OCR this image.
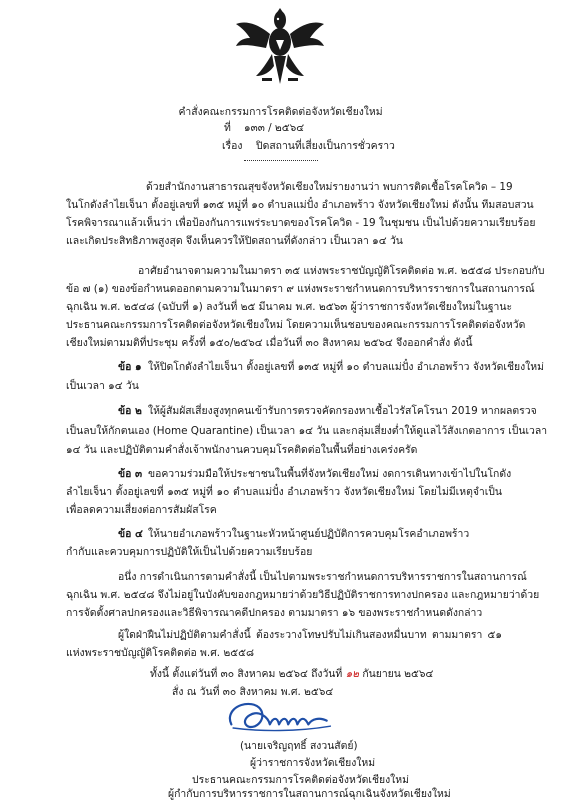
คำสั่งคณะกรรมการโรคติดต่อจังหวัดเชียงใหม่
ที่ ๑๓๓ / ๒๕๖๔
เรื่อง ปิดสถานที่เสี่ยงเป็นการชั่วคราว
ด้วยสำนักงานสาธารณสุขจังหวัดเชียงใหม่รายงานว่า พบการติดเชื้อโรคโควิด – 19
ในโกดังลำไยเจ็นา ตั้งอยู่เลขที่ ๑๓๕ หมู่ที่ ๑๐ ตำบลแม่ปั๋ง อำเภอพร้าว จังหวัดเชียงใหม่ ดังนั้น ทีมสอบสวน
โรคพิจารณาแล้วเห็นว่า เพื่อป้องกันการแพร่ระบาดของโรคโควิด - 19 ในชุมชน เป็นไปด้วยความเรียบร้อย
และเกิดประสิทธิภาพสูงสุด จึงเห็นควรให้ปิดสถานที่ดังกล่าว เป็นเวลา ๑๔ วัน
อาศัยอำนาจตามความในมาตรา ๓๕ แห่งพระราชบัญญัติโรคติดต่อ พ.ศ. ๒๕๕๘ ประกอบกับ
ข้อ ๗ (๑) ของข้อกำหนดออกตามความในมาตรา ๙ แห่งพระราชกำหนดการบริหารราชการในสถานการณ์
ฉุกเฉิน พ.ศ. ๒๕๔๘ (ฉบับที่ ๑) ลงวันที่ ๒๕ มีนาคม พ.ศ. ๒๕๖๓ ผู้ว่าราชการจังหวัดเชียงใหม่ในฐานะ
ประธานคณะกรรมการโรคติดต่อจังหวัดเชียงใหม่ โดยความเห็นชอบของคณะกรรมการโรคติดต่อจังหวัด
เชียงใหม่ตามมติที่ประชุม ครั้งที่ ๑๕๐/๒๕๖๔ เมื่อวันที่ ๓๐ สิงหาคม ๒๕๖๔ จึงออกคำสั่ง ดังนี้
ข้อ ๑ ให้ปิดโกดังลำไยเจ็นา ตั้งอยู่เลขที่ ๑๓๕ หมู่ที่ ๑๐ ตำบลแม่ปั๋ง อำเภอพร้าว จังหวัดเชียงใหม่
เป็นเวลา ๑๔ วัน
ข้อ ๒ ให้ผู้สัมผัสเสี่ยงสูงทุกคนเข้ารับการตรวจคัดกรองหาเชื้อไวรัสโคโรนา 2019 หากผลตรวจ
เป็นลบให้กักตนเอง (Home Quarantine) เป็นเวลา ๑๔ วัน และกลุ่มเสี่ยงต่ำให้ดูแลไว้สังเกตอาการ เป็นเวลา
๑๔ วัน และปฏิบัติตามคำสั่งเจ้าพนักงานควบคุมโรคติดต่อในพื้นที่อย่างเคร่งครัด
ข้อ ๓ ขอความร่วมมือให้ประชาชนในพื้นที่จังหวัดเชียงใหม่ งดการเดินทางเข้าไปในโกดัง
ลำไยเจ็นา ตั้งอยู่เลขที่ ๑๓๕ หมู่ที่ ๑๐ ตำบลแม่ปั๋ง อำเภอพร้าว จังหวัดเชียงใหม่ โดยไม่มีเหตุจำเป็น
เพื่อลดความเสี่ยงต่อการสัมผัสโรค
ข้อ ๔ ให้นายอำเภอพร้าวในฐานะหัวหน้าศูนย์ปฏิบัติการควบคุมโรคอำเภอพร้าว
กำกับและควบคุมการปฏิบัติให้เป็นไปด้วยความเรียบร้อย
อนึ่ง การดำเนินการตามคำสั่งนี้ เป็นไปตามพระราชกำหนดการบริหารราชการในสถานการณ์
ฉุกเฉิน พ.ศ. ๒๕๔๘ จึงไม่อยู่ในบังคับของกฎหมายว่าด้วยวิธีปฏิบัติราชการทางปกครอง และกฎหมายว่าด้วย
การจัดตั้งศาลปกครองและวิธีพิจารณาคดีปกครอง ตามมาตรา ๑๖ ของพระราชกำหนดดังกล่าว
ผู้ใดฝ่าฝืนไม่ปฏิบัติตามคำสั่งนี้ ต้องระวางโทษปรับไม่เกินสองหมื่นบาท ตามมาตรา ๕๑
แห่งพระราชบัญญัติโรคติดต่อ พ.ศ. ๒๕๕๘
ทั้งนี้ ตั้งแต่วันที่ ๓๐ สิงหาคม ๒๕๖๔ ถึงวันที่ ๑๒ กันยายน ๒๕๖๔
สั่ง ณ วันที่ ๓๐ สิงหาคม พ.ศ. ๒๕๖๔
(นายเจริญฤทธิ์ สงวนสัตย์)
ผู้ว่าราชการจังหวัดเชียงใหม่
ประธานคณะกรรมการโรคติดต่อจังหวัดเชียงใหม่
ผู้กำกับการบริหารราชการในสถานการณ์ฉุกเฉินจังหวัดเชียงใหม่
